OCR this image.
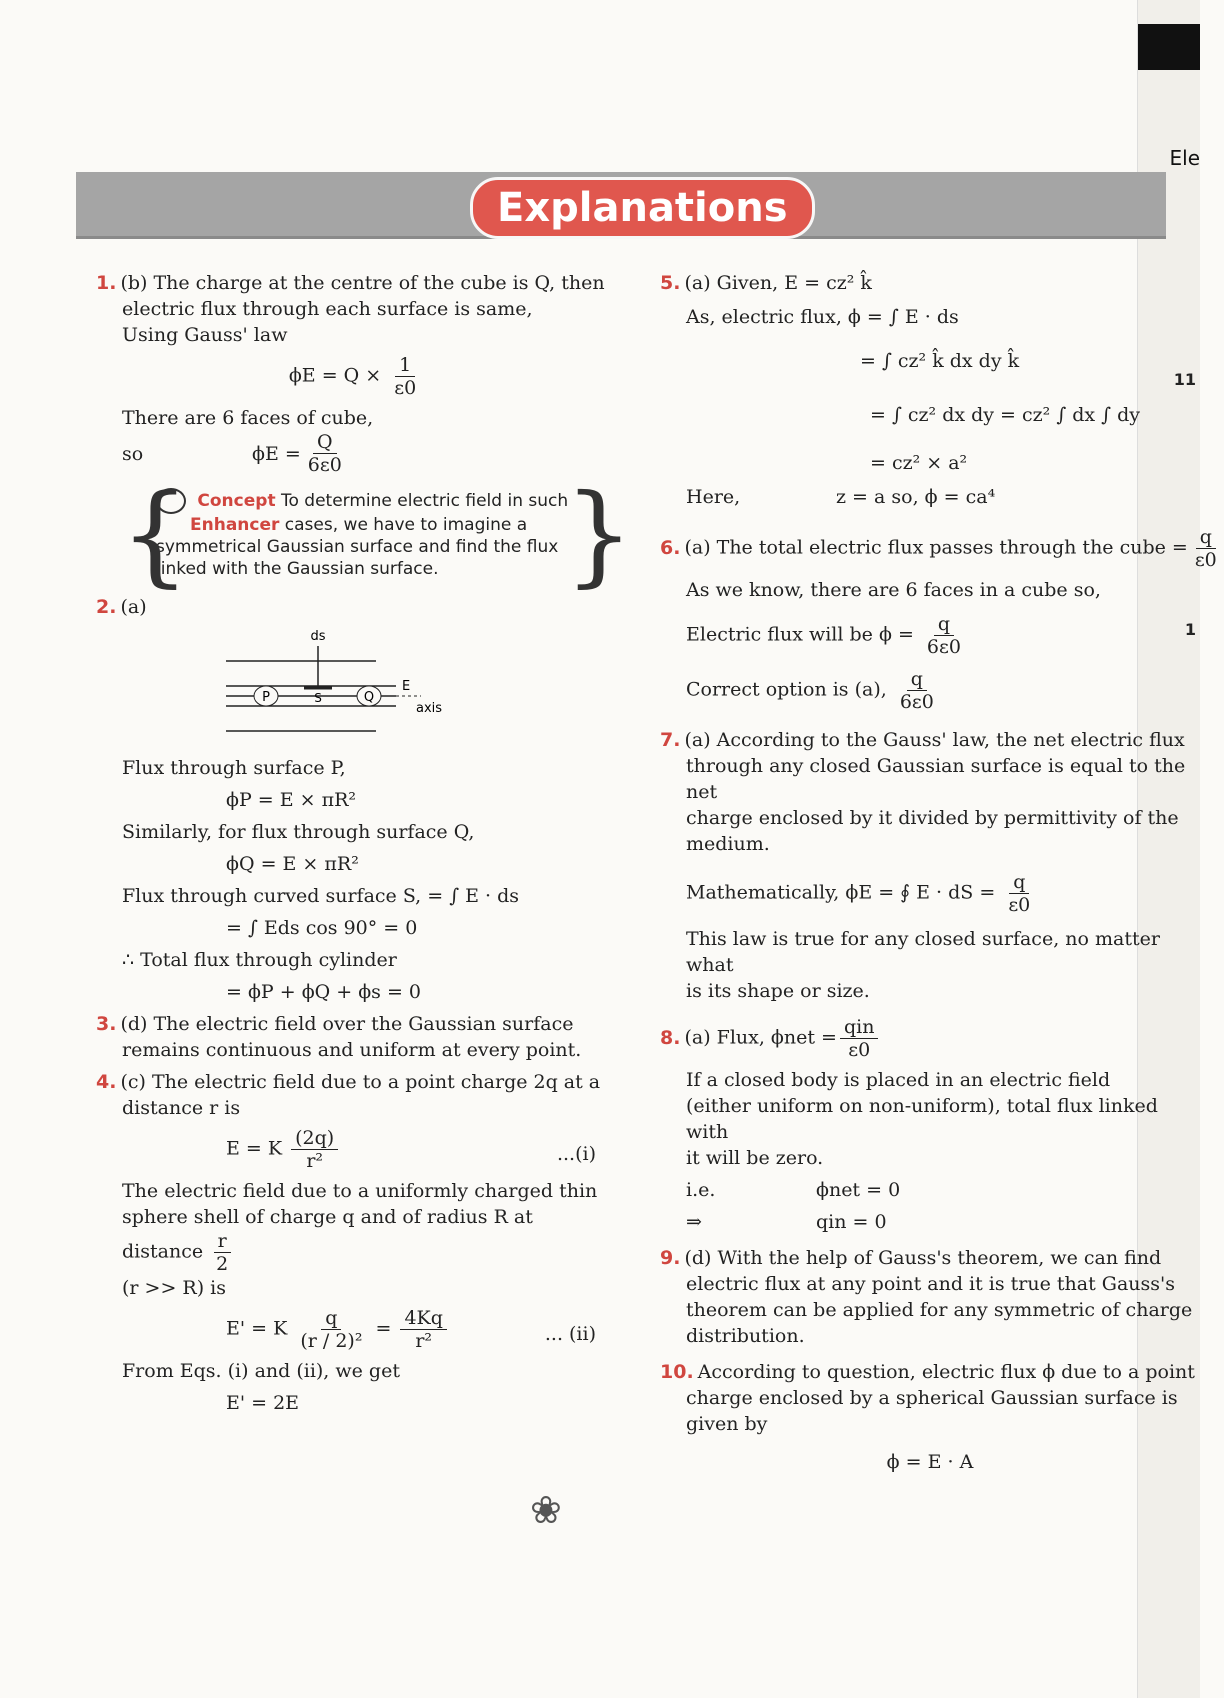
Ele
11
1
Explanations
1. (b) The charge at the centre of the cube is Q, then
electric flux through each surface is same,
Using Gauss' law
$\phi E = Q \times \frac{1}{\varepsilon 0}$
There are 6 faces of cube,
so	$\phi E = \frac{Q}{6\varepsilon 0}$
{	}
Concept To determine electric field in such
Enhancer cases, we have to imagine a
symmetrical Gaussian surface and find the flux
linked with the Gaussian surface.
2. (a)
ds
P	S	Q
E
axis
Flux through surface P,
ϕP = E × πR²
Similarly, for flux through surface Q,
ϕQ = E × πR²
Flux through curved surface S, = ∫ E · ds
= ∫ Eds cos 90° = 0
∴ Total flux through cylinder
= ϕP + ϕQ + ϕs = 0
3. (d) The electric field over the Gaussian surface
remains continuous and uniform at every point.
4. (c) The electric field due to a point charge 2q at a
distance r is
E = K $\frac{(2q)}{\text{r²}}$	...(i)
The electric field due to a uniformly charged thin
sphere shell of charge q and of radius R at distance $\frac{r}{2}$
(r >> R) is
E' = K $\frac{q}{\text{(r / 2)²}} = \frac{4Kq}{\text{r²}}$	... (ii)
From Eqs. (i) and (ii), we get
E' = 2E
❀
5. (a) Given, E = cz² k̂
As, electric flux, ϕ = ∫ E · ds
= ∫ cz² k̂ dx dy k̂
= ∫ cz² dx dy = cz² ∫ dx ∫ dy
= cz² × a²
Here,	z = a so, ϕ = ca⁴
6. (a) The total electric flux passes through the cube = $\frac{q}{\varepsilon 0}$
As we know, there are 6 faces in a cube so,
Electric flux will be $\phi = \frac{q}{6\varepsilon 0}$
Correct option is (a), $\frac{q}{6\varepsilon 0}$
7. (a) According to the Gauss' law, the net electric flux
through any closed Gaussian surface is equal to the net
charge enclosed by it divided by permittivity of the
medium.
Mathematically, ϕE = ∮ E · dS = $\frac{q}{\varepsilon 0}$
This law is true for any closed surface, no matter what
is its shape or size.
8. (a) Flux, $\phi net = \frac{\text{qin}}{\varepsilon 0}$
If a closed body is placed in an electric field
(either uniform on non-uniform), total flux linked with
it will be zero.
i.e.	ϕnet = 0
⇒	qin = 0
9. (d) With the help of Gauss's theorem, we can find
electric flux at any point and it is true that Gauss's
theorem can be applied for any symmetric of charge
distribution.
10. According to question, electric flux ϕ due to a point
charge enclosed by a spherical Gaussian surface is
given by
ϕ = E · A
